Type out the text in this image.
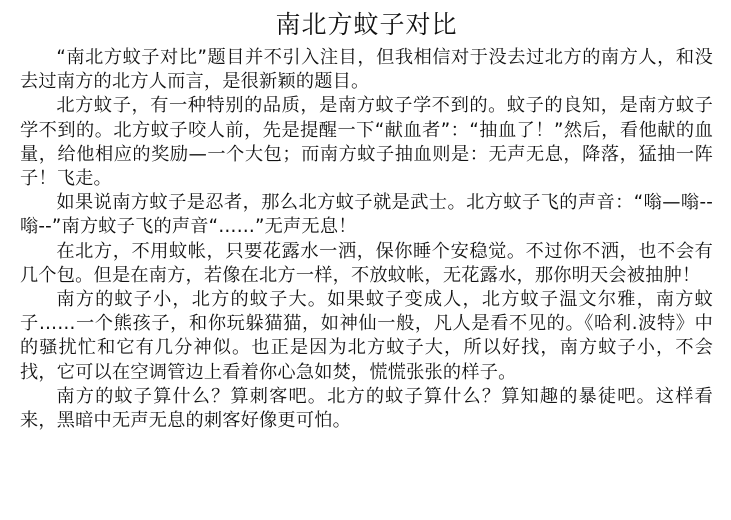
南北方蚊子对比

“南北方蚊子对比”题目并不引入注目，但我相信对于没去过北方的南方人，和没去过南方的北方人而言，是很新颖的题目。

北方蚊子，有一种特别的品质，是南方蚊子学不到的。蚊子的良知，是南方蚊子学不到的。北方蚊子咬人前，先是提醒一下“献血者”：“抽血了！”然后，看他献的血量，给他相应的奖励—一个大包；而南方蚊子抽血则是：无声无息，降落，猛抽一阵子！飞走。

如果说南方蚊子是忍者，那么北方蚊子就是武士。北方蚊子飞的声音：“嗡—嗡--嗡--”南方蚊子飞的声音“……”无声无息！

在北方，不用蚊帐，只要花露水一洒，保你睡个安稳觉。不过你不洒，也不会有几个包。但是在南方，若像在北方一样，不放蚊帐，无花露水，那你明天会被抽肿！

南方的蚊子小，北方的蚊子大。如果蚊子变成人，北方蚊子温文尔雅，南方蚊子……一个熊孩子，和你玩躲猫猫，如神仙一般，凡人是看不见的。《哈利.波特》中的骚扰忙和它有几分神似。也正是因为北方蚊子大，所以好找，南方蚊子小，不会找，它可以在空调管边上看着你心急如焚，慌慌张张的样子。

南方的蚊子算什么？算刺客吧。北方的蚊子算什么？算知趣的暴徒吧。这样看来，黑暗中无声无息的刺客好像更可怕。
